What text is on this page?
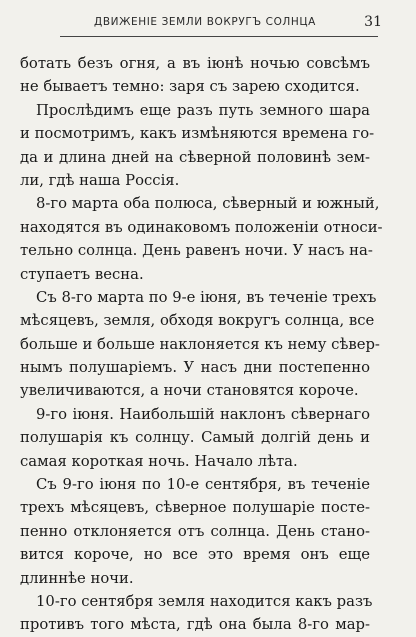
ДВИЖЕНIЕ ЗЕМЛИ ВОКРУГЪ СОЛНЦА	31
ботать безъ огня, а въ iюнѣ ночью совсѣмъ
не бываетъ темно: заря съ зарею сходится.
Прослѣдимъ еще разъ путь земного шара
и посмотримъ, какъ измѣняются времена го-
да и длина дней на сѣверной половинѣ зем-
ли, гдѣ наша Россiя.
8-го марта оба полюса, сѣверный и южный,
находятся въ одинаковомъ положенiи относи-
тельно солнца. День равенъ ночи. У насъ на-
ступаетъ весна.
Съ 8-го марта по 9-е iюня, въ теченiе трехъ
мѣсяцевъ, земля, обходя вокругъ солнца, все
больше и больше наклоняется къ нему сѣвер-
нымъ полушарiемъ. У насъ дни постепенно
увеличиваются, а ночи становятся короче.
9-го iюня. Наибольшiй наклонъ сѣвернаго
полушарiя къ солнцу. Самый долгiй день и
самая короткая ночь. Начало лѣта.
Съ 9-го iюня по 10-е сентября, въ теченiе
трехъ мѣсяцевъ, сѣверное полушарiе посте-
пенно отклоняется отъ солнца. День стано-
вится короче, но все это время онъ еще
длиннѣе ночи.
10-го сентября земля находится какъ разъ
противъ того мѣста, гдѣ она была 8-го мар-
